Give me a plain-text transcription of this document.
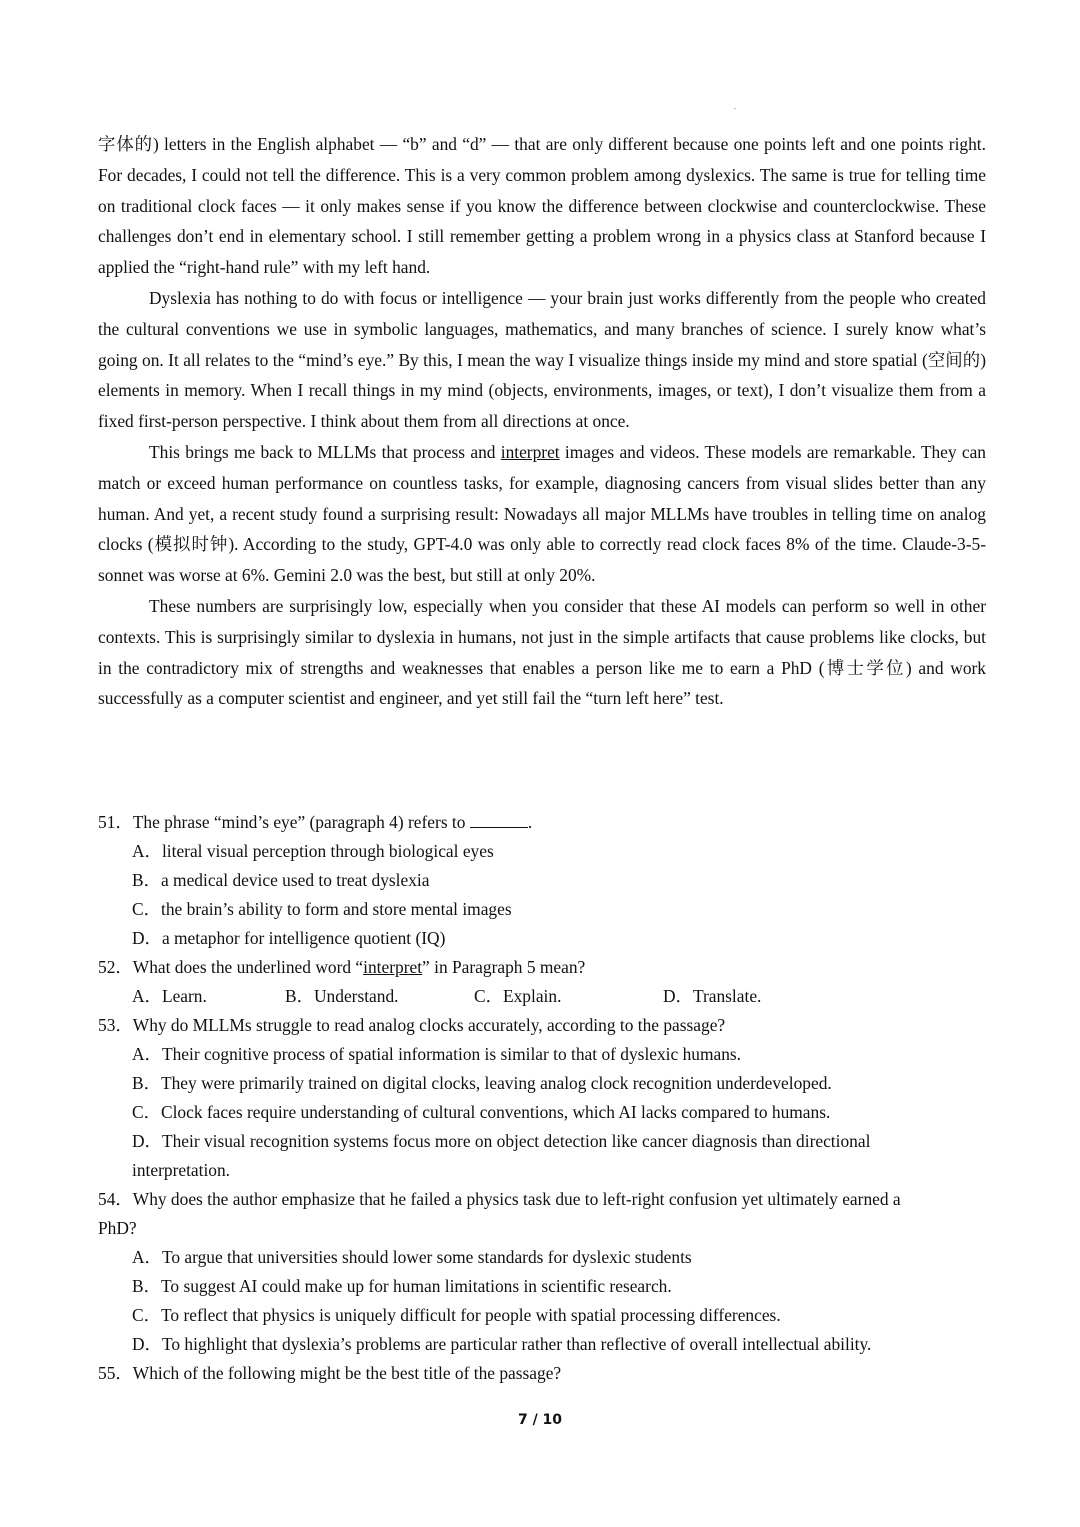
字体的) letters in the English alphabet — “b” and “d” — that are only different because one points left and one points right. For decades, I could not tell the difference. This is a very common problem among dyslexics. The same is true for telling time on traditional clock faces — it only makes sense if you know the difference between clockwise and counterclockwise. These challenges don’t end in elementary school. I still remember getting a problem wrong in a physics class at Stanford because I applied the “right-hand rule” with my left hand.

Dyslexia has nothing to do with focus or intelligence — your brain just works differently from the people who created the cultural conventions we use in symbolic languages, mathematics, and many branches of science. I surely know what’s going on. It all relates to the “mind’s eye.” By this, I mean the way I visualize things inside my mind and store spatial (空间的) elements in memory. When I recall things in my mind (objects, environments, images, or text), I don’t visualize them from a fixed first-person perspective. I think about them from all directions at once.

This brings me back to MLLMs that process and interpret images and videos. These models are remarkable. They can match or exceed human performance on countless tasks, for example, diagnosing cancers from visual slides better than any human. And yet, a recent study found a surprising result: Nowadays all major MLLMs have troubles in telling time on analog clocks (模拟时钟). According to the study, GPT-4.0 was only able to correctly read clock faces 8% of the time. Claude-3-5-sonnet was worse at 6%. Gemini 2.0 was the best, but still at only 20%.

These numbers are surprisingly low, especially when you consider that these AI models can perform so well in other contexts. This is surprisingly similar to dyslexia in humans, not just in the simple artifacts that cause problems like clocks, but in the contradictory mix of strengths and weaknesses that enables a person like me to earn a PhD (博士学位) and work successfully as a computer scientist and engineer, and yet still fail the “turn left here” test.

51．The phrase “mind’s eye” (paragraph 4) refers to	.
A．literal visual perception through biological eyes
B．a medical device used to treat dyslexia
C．the brain’s ability to form and store mental images
D．a metaphor for intelligence quotient (IQ)
52．What does the underlined word “interpret” in Paragraph 5 mean?
A．Learn.	B．Understand.	C．Explain.	D．Translate.
53．Why do MLLMs struggle to read analog clocks accurately, according to the passage?
A．Their cognitive process of spatial information is similar to that of dyslexic humans.
B．They were primarily trained on digital clocks, leaving analog clock recognition underdeveloped.
C．Clock faces require understanding of cultural conventions, which AI lacks compared to humans.
D．Their visual recognition systems focus more on object detection like cancer diagnosis than directional
interpretation.
54．Why does the author emphasize that he failed a physics task due to left-right confusion yet ultimately earned a
PhD?
A．To argue that universities should lower some standards for dyslexic students
B．To suggest AI could make up for human limitations in scientific research.
C．To reflect that physics is uniquely difficult for people with spatial processing differences.
D．To highlight that dyslexia’s problems are particular rather than reflective of overall intellectual ability.
55．Which of the following might be the best title of the passage?
7 / 10
